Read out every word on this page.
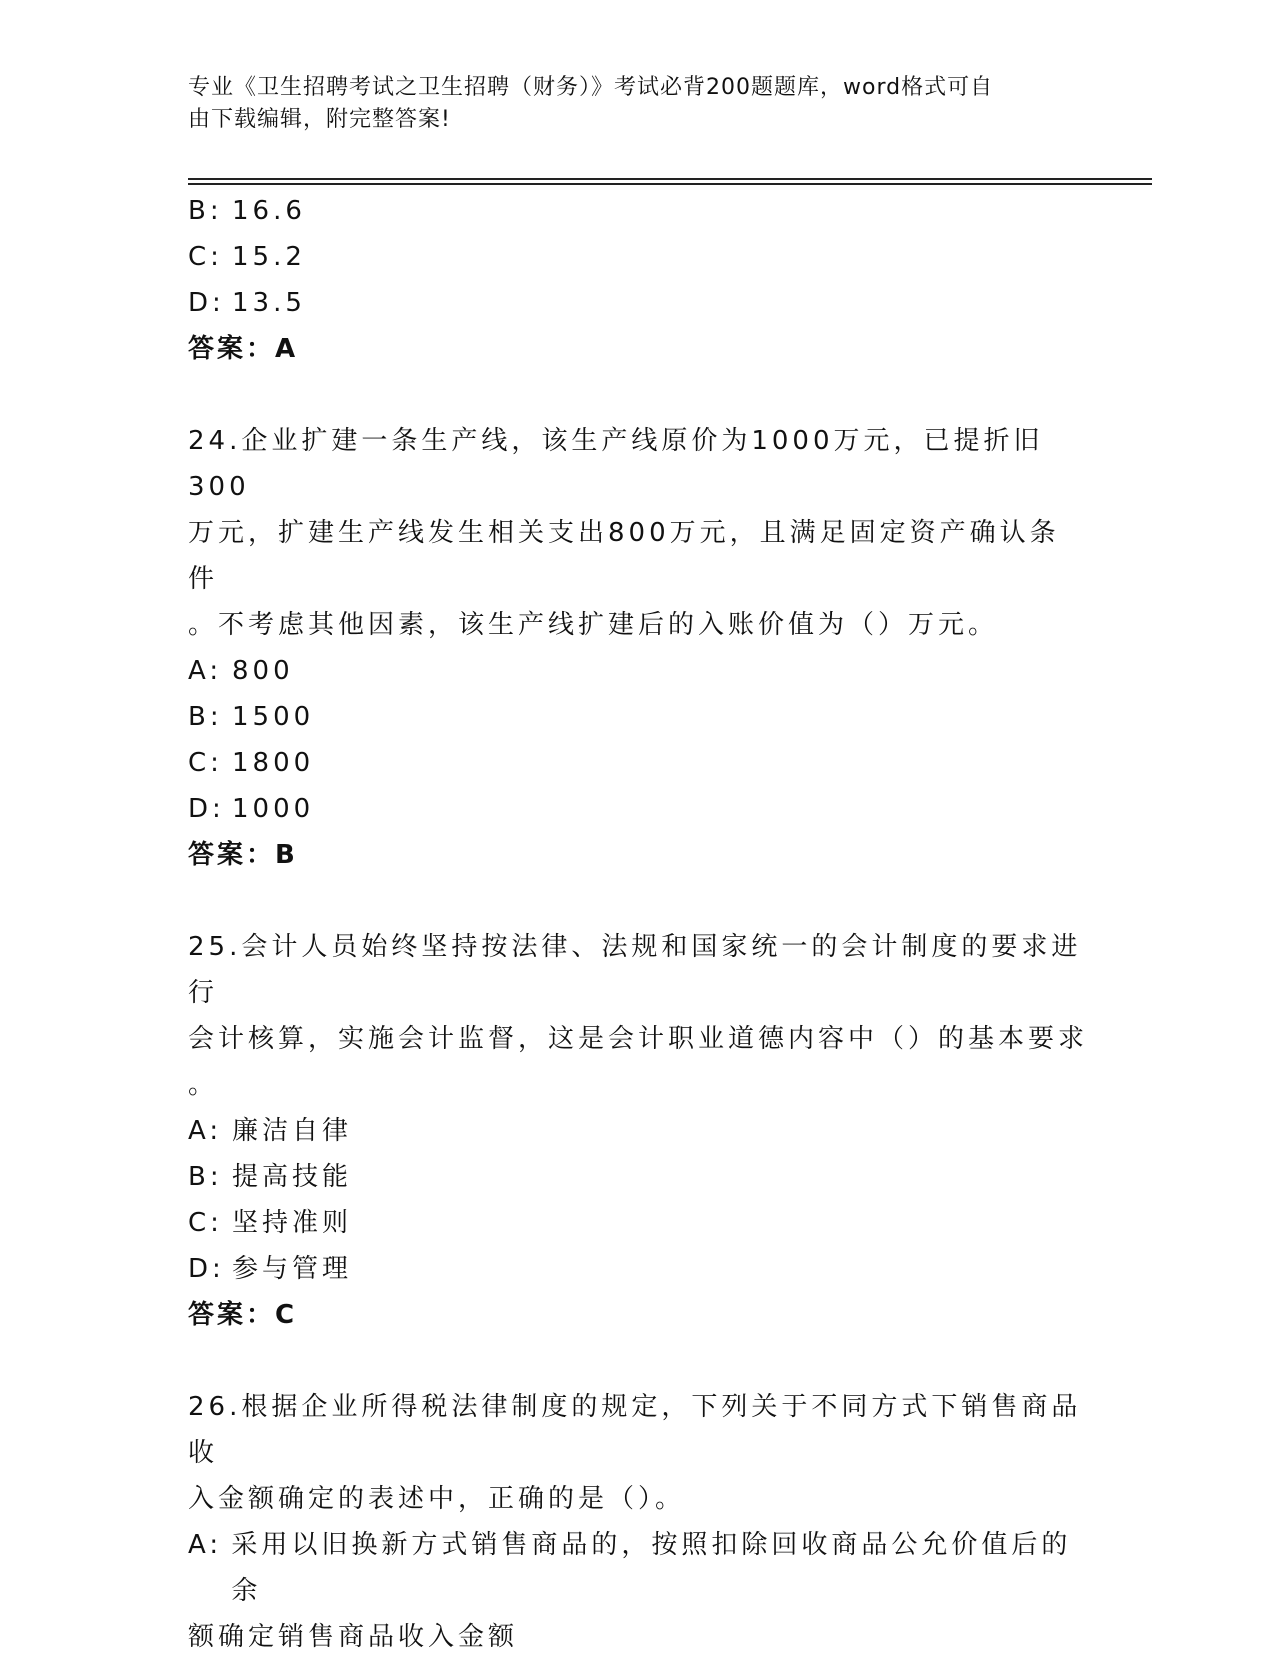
专业《卫生招聘考试之卫生招聘（财务）》考试必背200题题库，word格式可自
由下载编辑，附完整答案!
B: 16.6
C: 15.2
D: 13.5
答案：A
24.企业扩建一条生产线，该生产线原价为1000万元，已提折旧300
万元，扩建生产线发生相关支出800万元，且满足固定资产确认条件
。不考虑其他因素，该生产线扩建后的入账价值为（）万元。
A: 800
B: 1500
C: 1800
D: 1000
答案：B
25.会计人员始终坚持按法律、法规和国家统一的会计制度的要求进行
会计核算，实施会计监督，这是会计职业道德内容中（）的基本要求
。
A: 廉洁自律
B: 提高技能
C: 坚持准则
D: 参与管理
答案：C
26.根据企业所得税法律制度的规定，下列关于不同方式下销售商品收
入金额确定的表述中，正确的是（）。
A: 采用以旧换新方式销售商品的，按照扣除回收商品公允价值后的余
额确定销售商品收入金额
